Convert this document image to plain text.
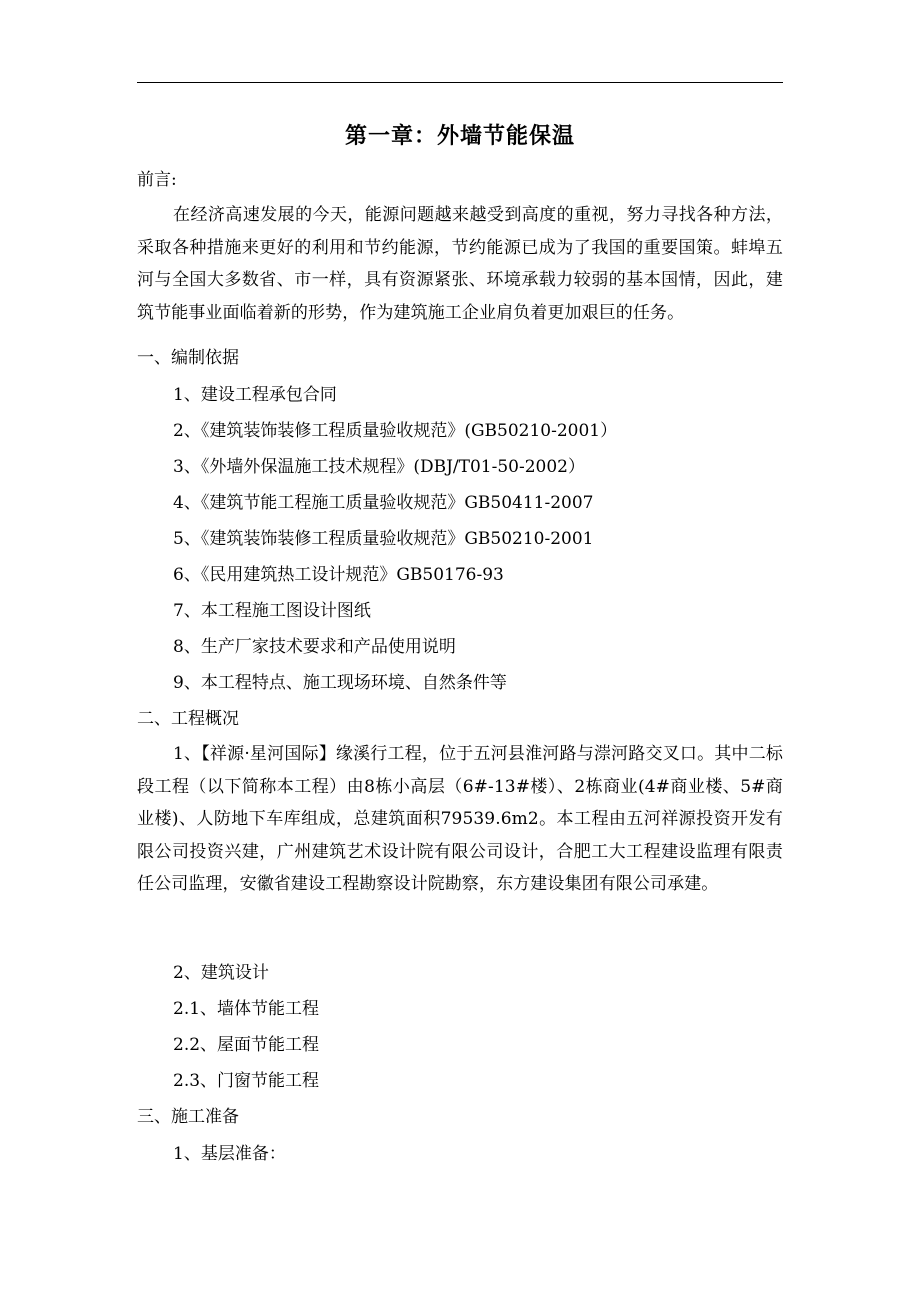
第一章：外墙节能保温
前言:
在经济高速发展的今天，能源问题越来越受到高度的重视，努力寻找各种方法，采取各种措施来更好的利用和节约能源，节约能源已成为了我国的重要国策。蚌埠五河与全国大多数省、市一样，具有资源紧张、环境承载力较弱的基本国情，因此，建筑节能事业面临着新的形势，作为建筑施工企业肩负着更加艰巨的任务。
一、编制依据
1、建设工程承包合同
2、《建筑装饰装修工程质量验收规范》(GB50210-2001）
3、《外墙外保温施工技术规程》(DBJ/T01-50-2002）
4、《建筑节能工程施工质量验收规范》GB50411-2007
5、《建筑装饰装修工程质量验收规范》GB50210-2001
6、《民用建筑热工设计规范》GB50176-93
7、本工程施工图设计图纸
8、生产厂家技术要求和产品使用说明
9、本工程特点、施工现场环境、自然条件等
二、工程概况
1、【祥源·星河国际】缘溪行工程，位于五河县淮河路与漴河路交叉口。其中二标段工程（以下简称本工程）由8栋小高层（6#-13#楼）、2栋商业(4#商业楼、5#商业楼)、人防地下车库组成，总建筑面积79539.6m2。本工程由五河祥源投资开发有限公司投资兴建，广州建筑艺术设计院有限公司设计，合肥工大工程建设监理有限责任公司监理，安徽省建设工程勘察设计院勘察，东方建设集团有限公司承建。
2、建筑设计
2.1、墙体节能工程
2.2、屋面节能工程
2.3、门窗节能工程
三、施工准备
1、基层准备：
